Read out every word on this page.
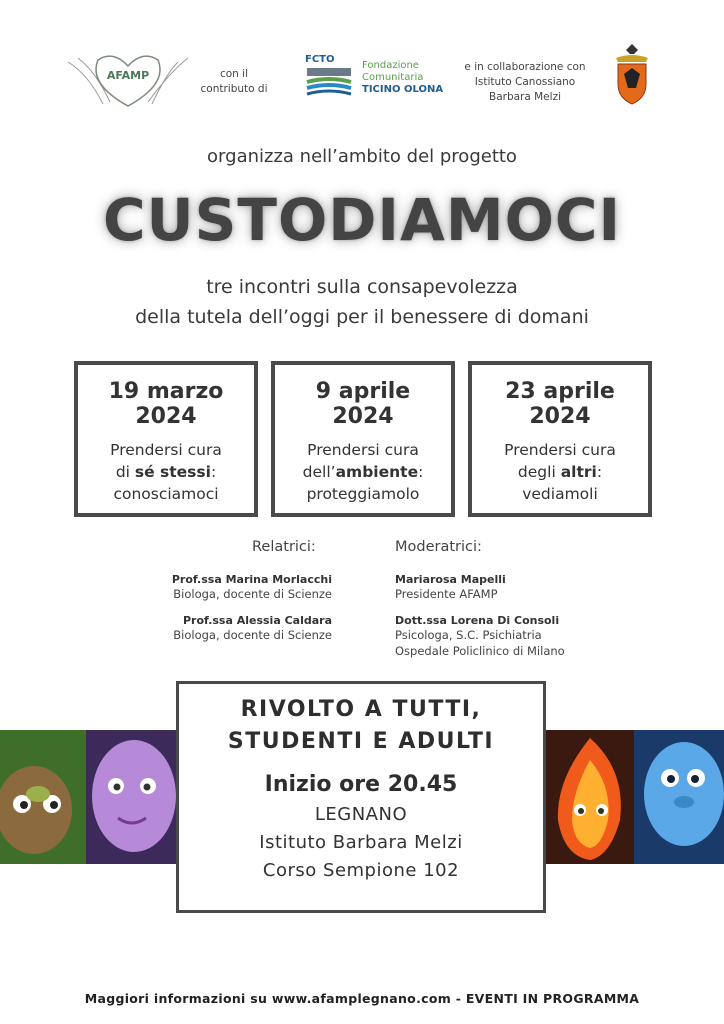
AFAMP	con il
contributo di
FCTO
Fondazione
Comunitaria
TICINO OLONA
e in collaborazione con
Istituto Canossiano
Barbara Melzi
organizza nell’ambito del progetto
CUSTODIAMOCI
tre incontri sulla consapevolezza
della tutela dell’oggi per il benessere di domani
19 marzo
2024
Prendersi cura
di sé stessi:
conosciamoci
9 aprile
2024
Prendersi cura
dell’ambiente:
proteggiamolo
23 aprile
2024
Prendersi cura
degli altri:
vediamoli
Relatrici:	Moderatrici:
Prof.ssa Marina Morlacchi
Biologa, docente di Scienze
Prof.ssa Alessia Caldara
Biologa, docente di Scienze
Mariarosa Mapelli
Presidente AFAMP
Dott.ssa Lorena Di Consoli
Psicologa, S.C. Psichiatria
Ospedale Policlinico di Milano
RIVOLTO A TUTTI,
STUDENTI E ADULTI
Inizio ore 20.45
LEGNANO
Istituto Barbara Melzi
Corso Sempione 102
Maggiori informazioni su www.afamplegnano.com - EVENTI IN PROGRAMMA
